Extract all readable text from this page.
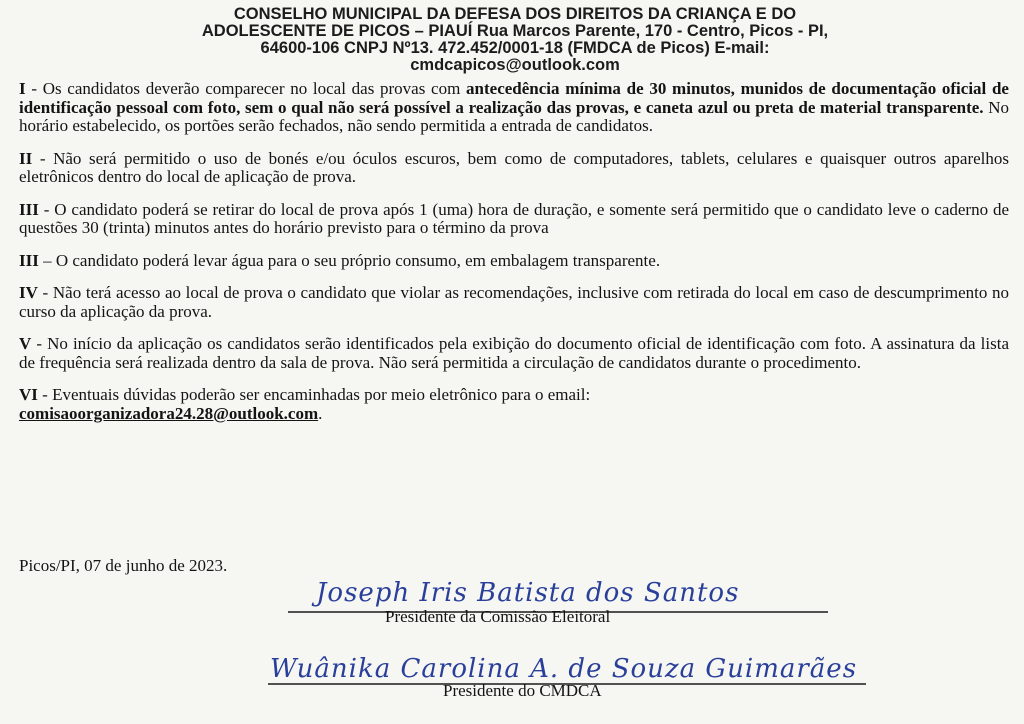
CONSELHO MUNICIPAL DA DEFESA DOS DIREITOS DA CRIANÇA E DO
ADOLESCENTE DE PICOS – PIAUÍ Rua Marcos Parente, 170 - Centro, Picos - PI,
64600-106 CNPJ Nº13. 472.452/0001-18 (FMDCA de Picos) E-mail:
cmdcapicos@outlook.com

I - Os candidatos deverão comparecer no local das provas com antecedência mínima de 30 minutos, munidos de documentação oficial de identificação pessoal com foto, sem o qual não será possível a realização das provas, e caneta azul ou preta de material transparente. No horário estabelecido, os portões serão fechados, não sendo permitida a entrada de candidatos.

II - Não será permitido o uso de bonés e/ou óculos escuros, bem como de computadores, tablets, celulares e quaisquer outros aparelhos eletrônicos dentro do local de aplicação de prova.

III - O candidato poderá se retirar do local de prova após 1 (uma) hora de duração, e somente será permitido que o candidato leve o caderno de questões 30 (trinta) minutos antes do horário previsto para o término da prova

III – O candidato poderá levar água para o seu próprio consumo, em embalagem transparente.

IV - Não terá acesso ao local de prova o candidato que violar as recomendações, inclusive com retirada do local em caso de descumprimento no curso da aplicação da prova.

V - No início da aplicação os candidatos serão identificados pela exibição do documento oficial de identificação com foto. A assinatura da lista de frequência será realizada dentro da sala de prova. Não será permitida a circulação de candidatos durante o procedimento.

VI - Eventuais dúvidas poderão ser encaminhadas por meio eletrônico para o email:
comisaoorganizadora24.28@outlook.com.

Picos/PI, 07 de junho de 2023.
Joseph Iris Batista dos Santos
Presidente da Comissão Eleitoral
Wuânika Carolina A. de Souza Guimarães
Presidente do CMDCA
